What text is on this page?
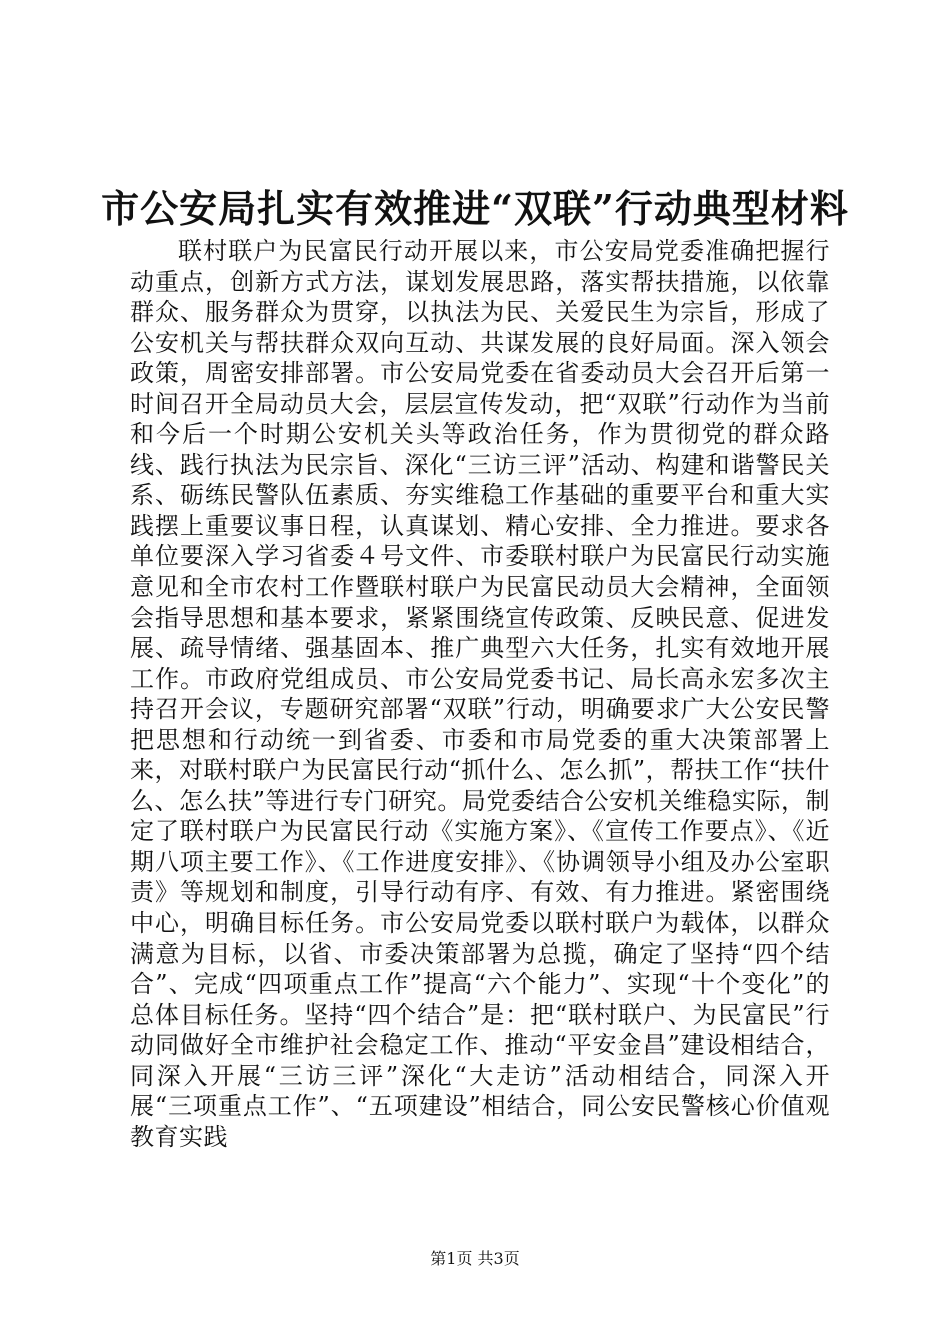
市公安局扎实有效推进“双联”行动典型材料

联村联户为民富民行动开展以来，市公安局党委准确把握行动重点，创新方式方法，谋划发展思路，落实帮扶措施，以依靠群众、服务群众为贯穿，以执法为民、关爱民生为宗旨，形成了公安机关与帮扶群众双向互动、共谋发展的良好局面。深入领会政策，周密安排部署。市公安局党委在省委动员大会召开后第一时间召开全局动员大会，层层宣传发动，把“双联”行动作为当前和今后一个时期公安机关头等政治任务，作为贯彻党的群众路线、践行执法为民宗旨、深化“三访三评”活动、构建和谐警民关系、砺练民警队伍素质、夯实维稳工作基础的重要平台和重大实践摆上重要议事日程，认真谋划、精心安排、全力推进。要求各单位要深入学习省委４号文件、市委联村联户为民富民行动实施意见和全市农村工作暨联村联户为民富民动员大会精神，全面领会指导思想和基本要求，紧紧围绕宣传政策、反映民意、促进发展、疏导情绪、强基固本、推广典型六大任务，扎实有效地开展工作。市政府党组成员、市公安局党委书记、局长高永宏多次主持召开会议，专题研究部署“双联”行动，明确要求广大公安民警把思想和行动统一到省委、市委和市局党委的重大决策部署上来，对联村联户为民富民行动“抓什么、怎么抓”，帮扶工作“扶什么、怎么扶”等进行专门研究。局党委结合公安机关维稳实际，制定了联村联户为民富民行动《实施方案》、《宣传工作要点》、《近期八项主要工作》、《工作进度安排》、《协调领导小组及办公室职责》等规划和制度，引导行动有序、有效、有力推进。紧密围绕中心，明确目标任务。市公安局党委以联村联户为载体，以群众满意为目标，以省、市委决策部署为总揽，确定了坚持“四个结合”、完成“四项重点工作”提高“六个能力”、实现“十个变化”的总体目标任务。坚持“四个结合”是：把“联村联户、为民富民”行动同做好全市维护社会稳定工作、推动“平安金昌”建设相结合，同深入开展“三访三评”深化“大走访”活动相结合，同深入开展“三项重点工作”、“五项建设”相结合，同公安民警核心价值观教育实践

第1页 共3页
